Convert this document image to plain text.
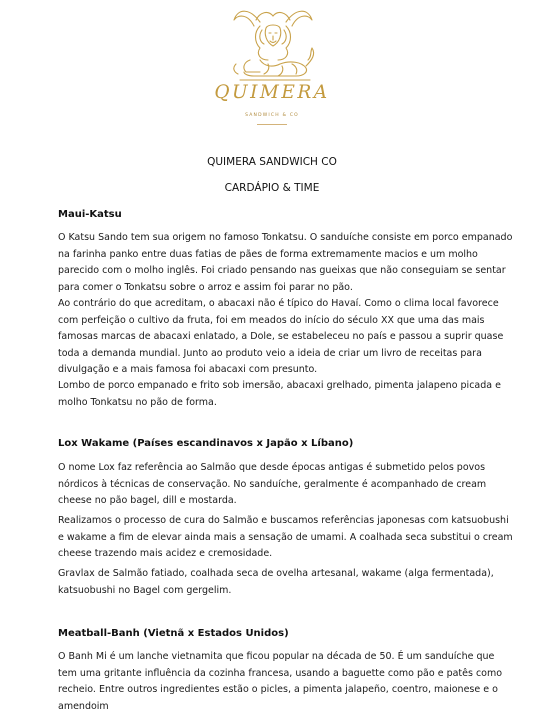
QUIMERA
SANDWICH & CO
QUIMERA SANDWICH CO
CARDÁPIO & TIME
Maui-Katsu

O Katsu Sando tem sua origem no famoso Tonkatsu. O sanduíche consiste em porco empanado
na farinha panko entre duas fatias de pães de forma extremamente macios e um molho
parecido com o molho inglês. Foi criado pensando nas gueixas que não conseguiam se sentar
para comer o Tonkatsu sobre o arroz e assim foi parar no pão.

Ao contrário do que acreditam, o abacaxi não é típico do Havaí. Como o clima local favorece
com perfeição o cultivo da fruta, foi em meados do início do século XX que uma das mais
famosas marcas de abacaxi enlatado, a Dole, se estabeleceu no país e passou a suprir quase
toda a demanda mundial. Junto ao produto veio a ideia de criar um livro de receitas para
divulgação e a mais famosa foi abacaxi com presunto.

Lombo de porco empanado e frito sob imersão, abacaxi grelhado, pimenta jalapeno picada e
molho Tonkatsu no pão de forma.

Lox Wakame (Países escandinavos x Japão x Líbano)

O nome Lox faz referência ao Salmão que desde épocas antigas é submetido pelos povos
nórdicos à técnicas de conservação. No sanduíche, geralmente é acompanhado de cream
cheese no pão bagel, dill e mostarda.

Realizamos o processo de cura do Salmão e buscamos referências japonesas com katsuobushi
e wakame a fim de elevar ainda mais a sensação de umami. A coalhada seca substitui o cream
cheese trazendo mais acidez e cremosidade.

Gravlax de Salmão fatiado, coalhada seca de ovelha artesanal, wakame (alga fermentada),
katsuobushi no Bagel com gergelim.

Meatball-Banh (Vietnã x Estados Unidos)

O Banh Mi é um lanche vietnamita que ficou popular na década de 50. É um sanduíche que
tem uma gritante influência da cozinha francesa, usando a baguette como pão e patês como
recheio. Entre outros ingredientes estão o picles, a pimenta jalapeño, coentro, maionese e o
amendoim
